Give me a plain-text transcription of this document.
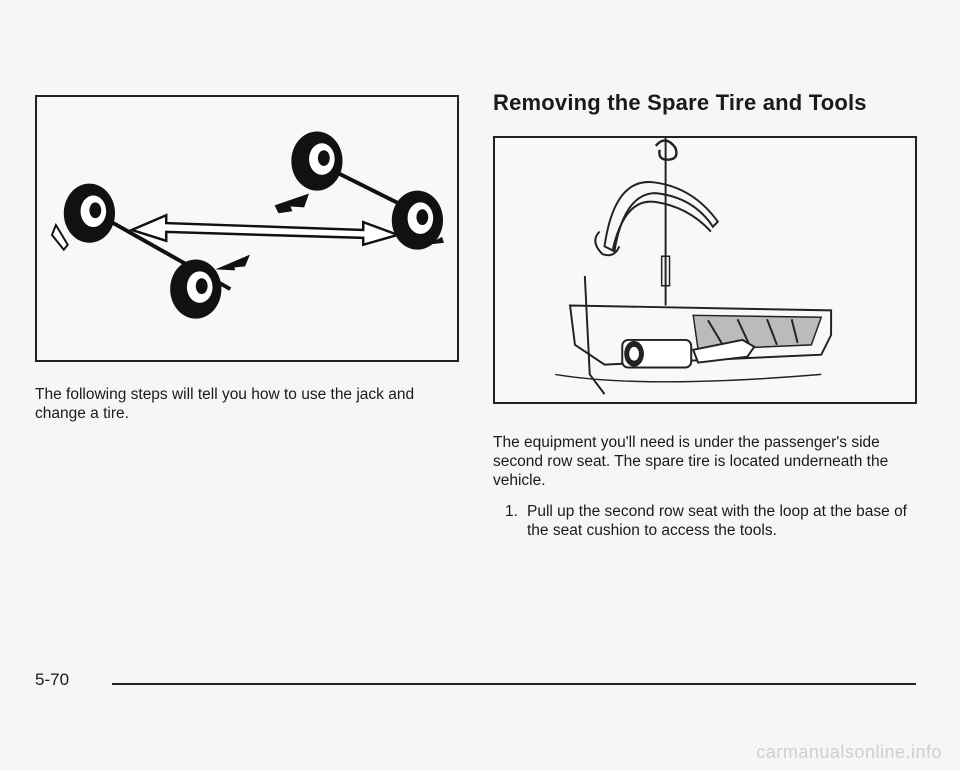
The following steps will tell you how to use the jack and change a tire.

Removing the Spare Tire and Tools

The equipment you'll need is under the passenger's side second row seat. The spare tire is located underneath the vehicle.

1. Pull up the second row seat with the loop at the base of the seat cushion to access the tools.
5-70
carmanualsonline.info
